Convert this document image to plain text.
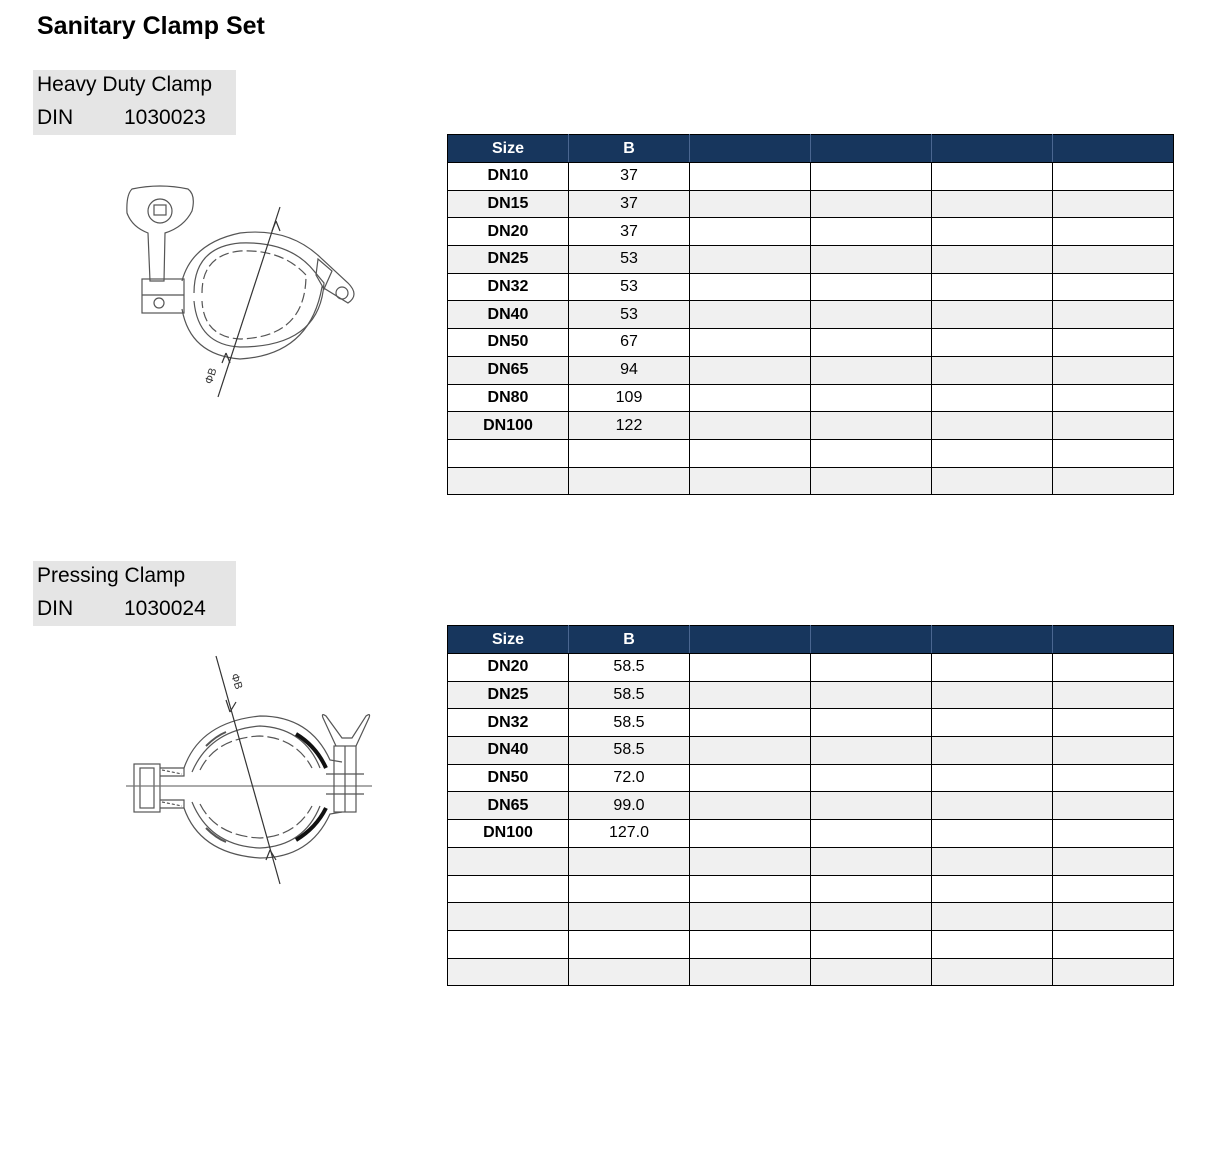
Sanitary Clamp Set
Heavy Duty Clamp
DIN 1030023
ΦB
Size	B				
DN10	37				
DN15	37				
DN20	37				
DN25	53				
DN32	53				
DN40	53				
DN50	67				
DN65	94				
DN80	109				
DN100	122				

Pressing Clamp
DIN 1030024
ΦB
Size	B				
DN20	58.5				
DN25	58.5				
DN32	58.5				
DN40	58.5				
DN50	72.0				
DN65	99.0				
DN100	127.0				
